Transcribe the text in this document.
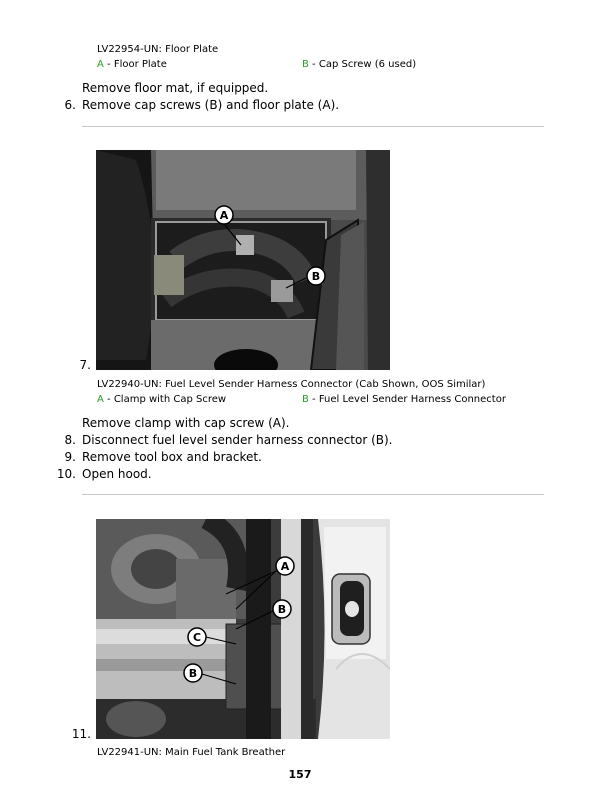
LV22954-UN: Floor Plate
A - Floor Plate	B - Cap Screw (6 used)
Remove floor mat, if equipped.
6. Remove cap screws (B) and floor plate (A).
A
B
7.
LV22940-UN: Fuel Level Sender Harness Connector (Cab Shown, OOS Similar)
A - Clamp with Cap Screw	B - Fuel Level Sender Harness Connector
Remove clamp with cap screw (A).
8. Disconnect fuel level sender harness connector (B).
9. Remove tool box and bracket.
10. Open hood.
A
B
C
B
11.
LV22941-UN: Main Fuel Tank Breather
157
